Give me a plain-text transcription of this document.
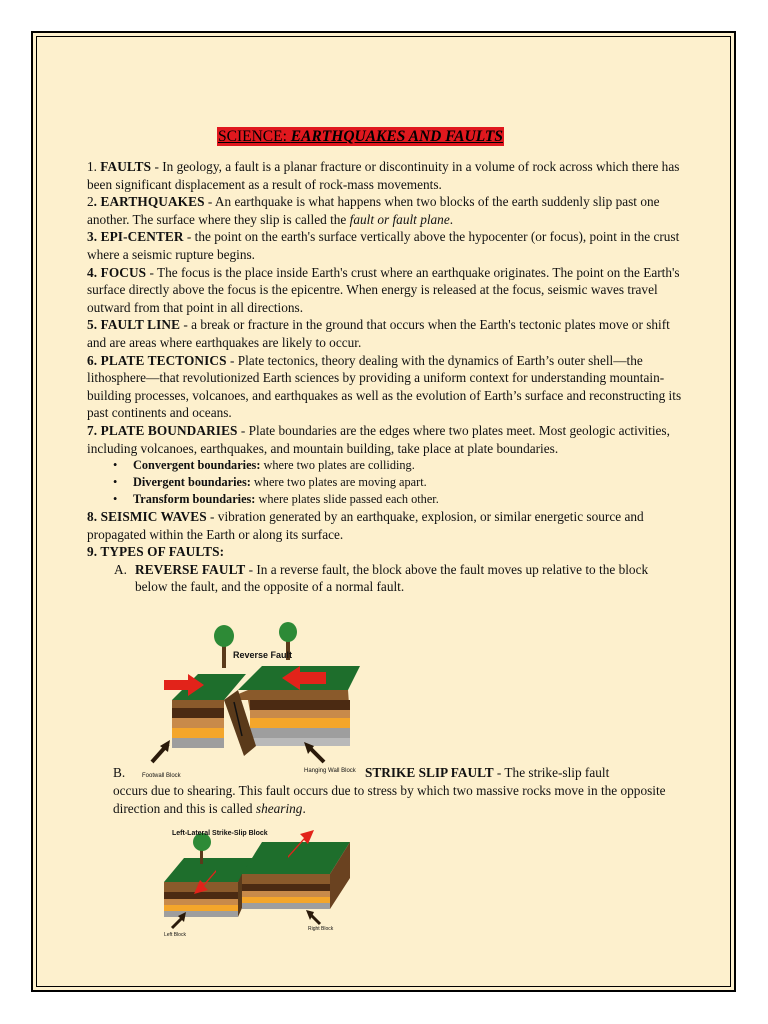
SCIENCE: EARTHQUAKES AND FAULTS

1. FAULTS - In geology, a fault is a planar fracture or discontinuity in a volume of rock across which there has been significant displacement as a result of rock-mass movements.

2. EARTHQUAKES - An earthquake is what happens when two blocks of the earth suddenly slip past one another. The surface where they slip is called the fault or fault plane.

3. EPI-CENTER - the point on the earth's surface vertically above the hypocenter (or focus), point in the crust where a seismic rupture begins.

4. FOCUS - The focus is the place inside Earth's crust where an earthquake originates. The point on the Earth's surface directly above the focus is the epicentre. When energy is released at the focus, seismic waves travel outward from that point in all directions.

5. FAULT LINE - a break or fracture in the ground that occurs when the Earth's tectonic plates move or shift and are areas where earthquakes are likely to occur.

6. PLATE TECTONICS - Plate tectonics, theory dealing with the dynamics of Earth’s outer shell—the lithosphere—that revolutionized Earth sciences by providing a uniform context for understanding mountain-building processes, volcanoes, and earthquakes as well as the evolution of Earth’s surface and reconstructing its past continents and oceans.

7. PLATE BOUNDARIES - Plate boundaries are the edges where two plates meet. Most geologic activities, including volcanoes, earthquakes, and mountain building, take place at plate boundaries.

• Convergent boundaries: where two plates are colliding.
• Divergent boundaries: where two plates are moving apart.
• Transform boundaries: where plates slide passed each other.

8. SEISMIC WAVES - vibration generated by an earthquake, explosion, or similar energetic source and propagated within the Earth or along its surface.

9. TYPES OF FAULTS:

A. REVERSE FAULT - In a reverse fault, the block above the fault moves up relative to the block below the fault, and the opposite of a normal fault.

Reverse Fault
Footwall Block
Hanging Wall Block
B.	STRIKE SLIP FAULT - The strike-slip fault
occurs due to shearing. This fault occurs due to stress by which two massive rocks move in the opposite direction and this is called shearing.
Left-Lateral Strike-Slip Block
Left Block
Right Block
